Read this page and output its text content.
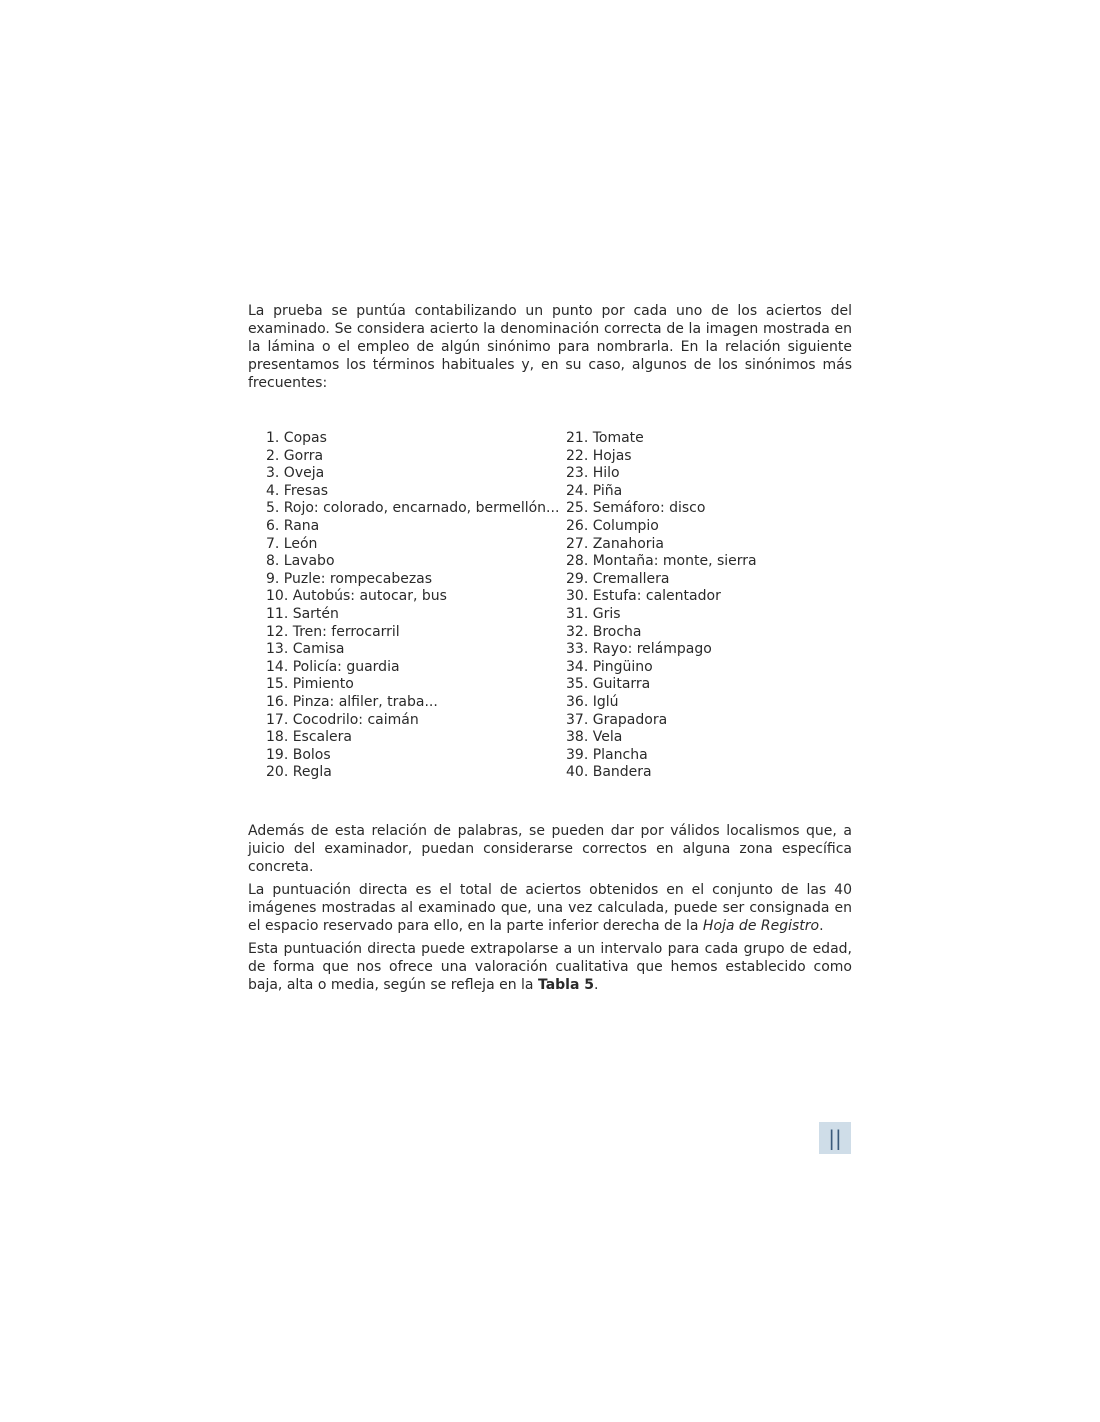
La prueba se puntúa contabilizando un punto por cada uno de los aciertos del examinado. Se considera acierto la denominación correcta de la imagen mostrada en la lámina o el empleo de algún sinónimo para nombrarla. En la relación siguiente presentamos los términos habituales y, en su caso, algunos de los sinónimos más frecuentes:

1. Copas
2. Gorra
3. Oveja
4. Fresas
5. Rojo: colorado, encarnado, bermellón...
6. Rana
7. León
8. Lavabo
9. Puzle: rompecabezas
10. Autobús: autocar, bus
11. Sartén
12. Tren: ferrocarril
13. Camisa
14. Policía: guardia
15. Pimiento
16. Pinza: alfiler, traba...
17. Cocodrilo: caimán
18. Escalera
19. Bolos
20. Regla
21. Tomate
22. Hojas
23. Hilo
24. Piña
25. Semáforo: disco
26. Columpio
27. Zanahoria
28. Montaña: monte, sierra
29. Cremallera
30. Estufa: calentador
31. Gris
32. Brocha
33. Rayo: relámpago
34. Pingüino
35. Guitarra
36. Iglú
37. Grapadora
38. Vela
39. Plancha
40. Bandera

Además de esta relación de palabras, se pueden dar por válidos localismos que, a juicio del examinador, puedan considerarse correctos en alguna zona específica concreta.

La puntuación directa es el total de aciertos obtenidos en el conjunto de las 40 imágenes mostradas al examinado que, una vez calculada, puede ser consignada en el espacio reservado para ello, en la parte inferior derecha de la Hoja de Registro.

Esta puntuación directa puede extrapolarse a un intervalo para cada grupo de edad, de forma que nos ofrece una valoración cualitativa que hemos establecido como baja, alta o media, según se refleja en la Tabla 5.

||
